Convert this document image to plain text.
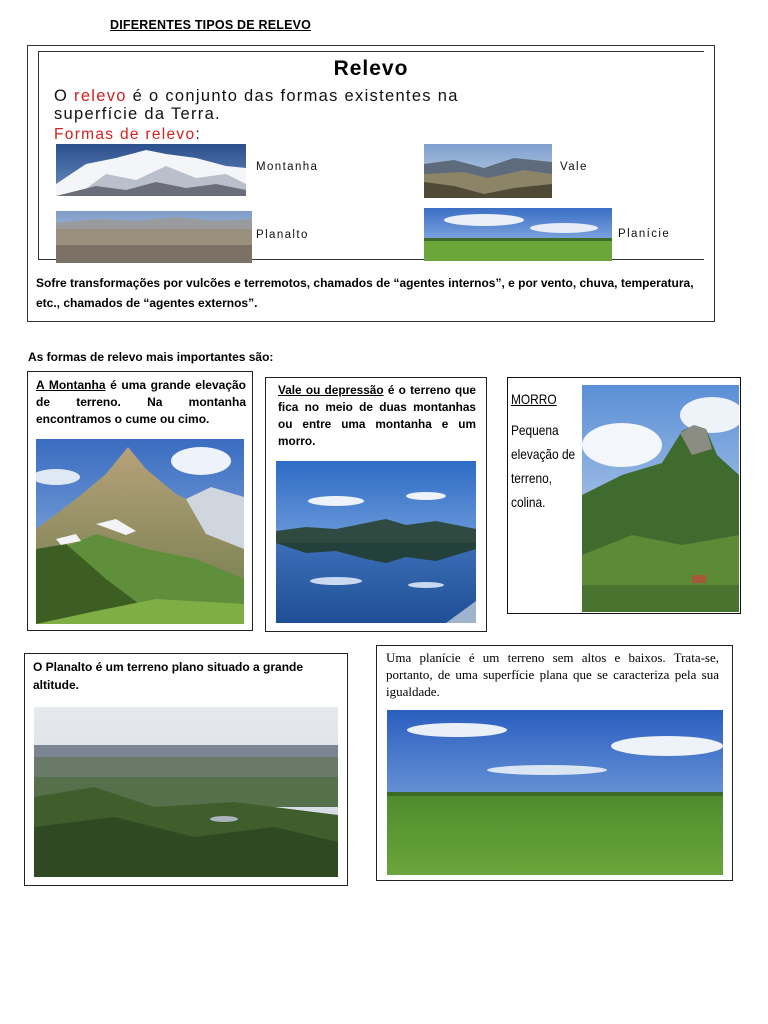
DIFERENTES TIPOS DE RELEVO
Relevo
O relevo é o conjunto das formas existentes na
superfície da Terra.
Formas de relevo:
Montanha	Vale
Planalto	Planície
Sofre transformações por vulcões e terremotos, chamados de “agentes internos”, e por vento, chuva, temperatura, etc., chamados de “agentes externos”.
As formas de relevo mais importantes são:
A Montanha é uma grande elevação de terreno. Na montanha encontramos o cume ou cimo.
Vale ou depressão é o terreno que fica no meio de duas montanhas ou entre uma montanha e um morro.
MORRO
Pequena
elevação de
terreno,
colina.
O Planalto é um terreno plano situado a grande altitude.
Uma planície é um terreno sem altos e baixos. Trata-se, portanto, de uma superfície plana que se caracteriza pela sua igualdade.
